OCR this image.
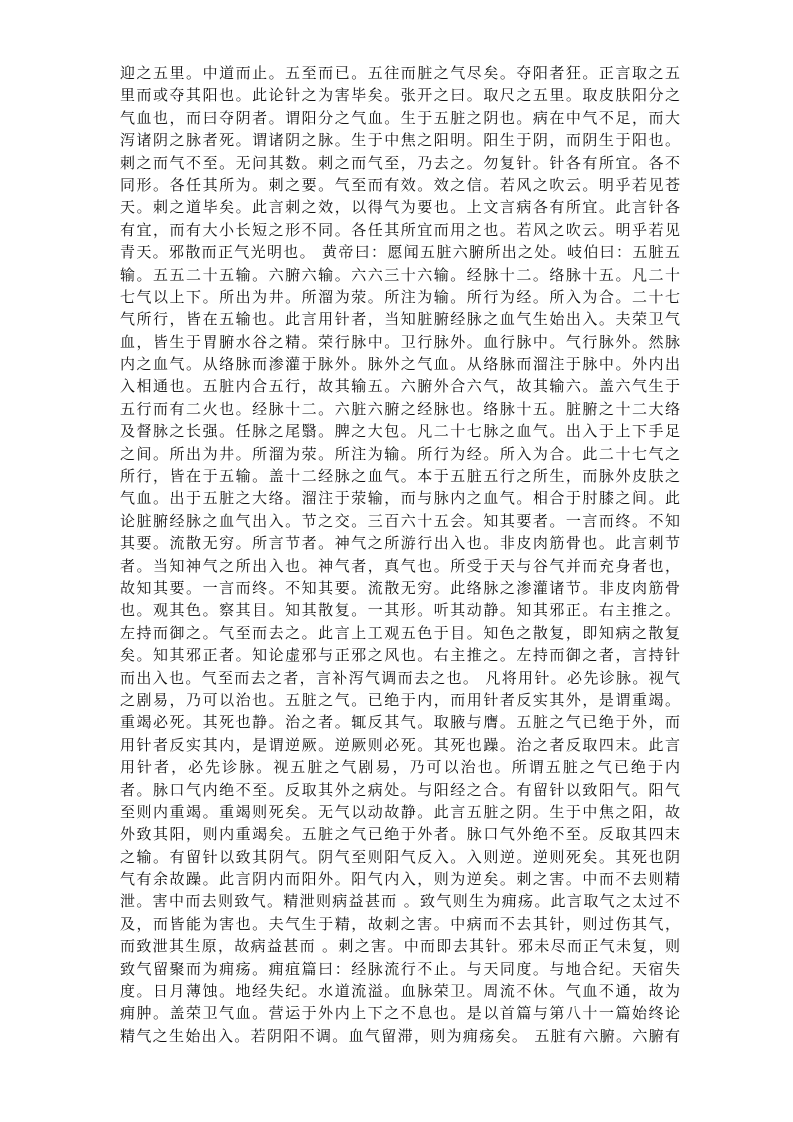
迎之五里。中道而止。五至而已。五往而脏之气尽矣。夺阳者狂。正言取之五
里而或夺其阳也。此论针之为害毕矣。张开之曰。取尺之五里。取皮肤阳分之
气血也，而曰夺阴者。谓阳分之气血。生于五脏之阴也。病在中气不足，而大
泻诸阴之脉者死。谓诸阴之脉。生于中焦之阳明。阳生于阴，而阴生于阳也。
刺之而气不至。无问其数。刺之而气至，乃去之。勿复针。针各有所宜。各不
同形。各任其所为。刺之要。气至而有效。效之信。若风之吹云。明乎若见苍
天。刺之道毕矣。此言刺之效，以得气为要也。上文言病各有所宜。此言针各
有宜，而有大小长短之形不同。各任其所宜而用之也。若风之吹云。明乎若见
青天。邪散而正气光明也。 黄帝曰：愿闻五脏六腑所出之处。岐伯曰：五脏五
输。五五二十五输。六腑六输。六六三十六输。经脉十二。络脉十五。凡二十
七气以上下。所出为井。所溜为荥。所注为输。所行为经。所入为合。二十七
气所行，皆在五输也。此言用针者，当知脏腑经脉之血气生始出入。夫荣卫气
血，皆生于胃腑水谷之精。荣行脉中。卫行脉外。血行脉中。气行脉外。然脉
内之血气。从络脉而渗灌于脉外。脉外之气血。从络脉而溜注于脉中。外内出
入相通也。五脏内合五行，故其输五。六腑外合六气，故其输六。盖六气生于
五行而有二火也。经脉十二。六脏六腑之经脉也。络脉十五。脏腑之十二大络
及督脉之长强。任脉之尾翳。脾之大包。凡二十七脉之血气。出入于上下手足
之间。所出为井。所溜为荥。所注为输。所行为经。所入为合。此二十七气之
所行，皆在于五输。盖十二经脉之血气。本于五脏五行之所生，而脉外皮肤之
气血。出于五脏之大络。溜注于荥输，而与脉内之血气。相合于肘膝之间。此
论脏腑经脉之血气出入。节之交。三百六十五会。知其要者。一言而终。不知
其要。流散无穷。所言节者。神气之所游行出入也。非皮肉筋骨也。此言刺节
者。当知神气之所出入也。神气者，真气也。所受于天与谷气并而充身者也，
故知其要。一言而终。不知其要。流散无穷。此络脉之渗灌诸节。非皮肉筋骨
也。观其色。察其目。知其散复。一其形。听其动静。知其邪正。右主推之。
左持而御之。气至而去之。此言上工观五色于目。知色之散复，即知病之散复
矣。知其邪正者。知论虚邪与正邪之风也。右主推之。左持而御之者，言持针
而出入也。气至而去之者，言补泻气调而去之也。 凡将用针。必先诊脉。视气
之剧易，乃可以治也。五脏之气。已绝于内，而用针者反实其外，是谓重竭。
重竭必死。其死也静。治之者。辄反其气。取腋与膺。五脏之气已绝于外，而
用针者反实其内，是谓逆厥。逆厥则必死。其死也躁。治之者反取四末。此言
用针者，必先诊脉。视五脏之气剧易，乃可以治也。所谓五脏之气已绝于内
者。脉口气内绝不至。反取其外之病处。与阳经之合。有留针以致阳气。阳气
至则内重竭。重竭则死矣。无气以动故静。此言五脏之阴。生于中焦之阳，故
外致其阳，则内重竭矣。五脏之气已绝于外者。脉口气外绝不至。反取其四末
之输。有留针以致其阴气。阴气至则阳气反入。入则逆。逆则死矣。其死也阴
气有余故躁。此言阴内而阳外。阳气内入，则为逆矣。刺之害。中而不去则精
泄。害中而去则致气。精泄则病益甚而 。致气则生为痈疡。此言取气之太过不
及，而皆能为害也。夫气生于精，故刺之害。中病而不去其针，则过伤其气，
而致泄其生原，故病益甚而 。刺之害。中而即去其针。邪未尽而正气未复，则
致气留聚而为痈疡。痈疽篇曰：经脉流行不止。与天同度。与地合纪。天宿失
度。日月薄蚀。地经失纪。水道流溢。血脉荣卫。周流不休。气血不通，故为
痈肿。盖荣卫气血。营运于外内上下之不息也。是以首篇与第八十一篇始终论
精气之生始出入。若阴阳不调。血气留滞，则为痈疡矣。 五脏有六腑。六腑有
